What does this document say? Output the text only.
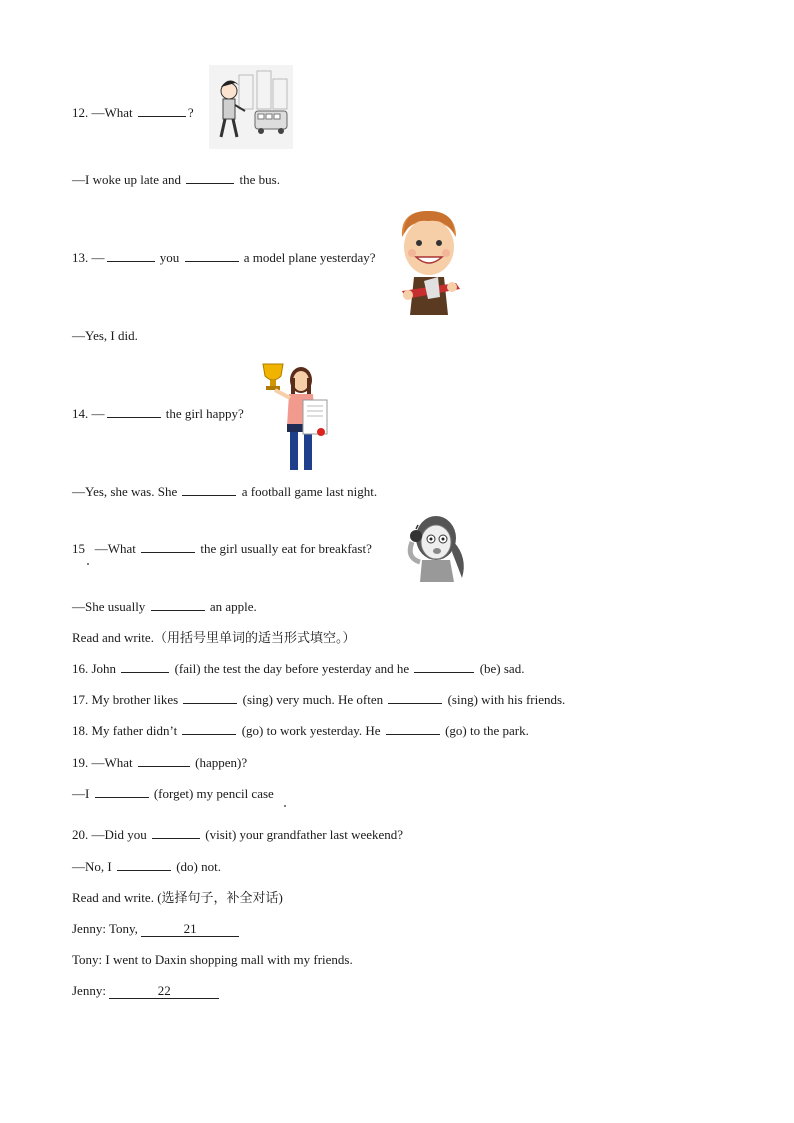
12. —What	?
—I woke up late and	the bus.
13. —	you	a model plane yesterday?
—Yes, I did.
14. —	the girl happy?
—Yes, she was. She	a football game last night.
15 —What	the girl usually eat for breakfast?
—She usually	an apple.
Read and write.（用括号里单词的适当形式填空。）
16. John	(fail) the test the day before yesterday and he	(be) sad.
17. My brother likes	(sing) very much. He often	(sing) with his friends.
18. My father didn’t	(go) to work yesterday. He	(go) to the park.
19. —What	(happen)?
—I	(forget) my pencil case
20. —Did you	(visit) your grandfather last weekend?
—No, I	(do) not.
Read and write. (选择句子，补全对话)
Jenny: Tony,	21
Tony: I went to Daxin shopping mall with my friends.
Jenny:	22
